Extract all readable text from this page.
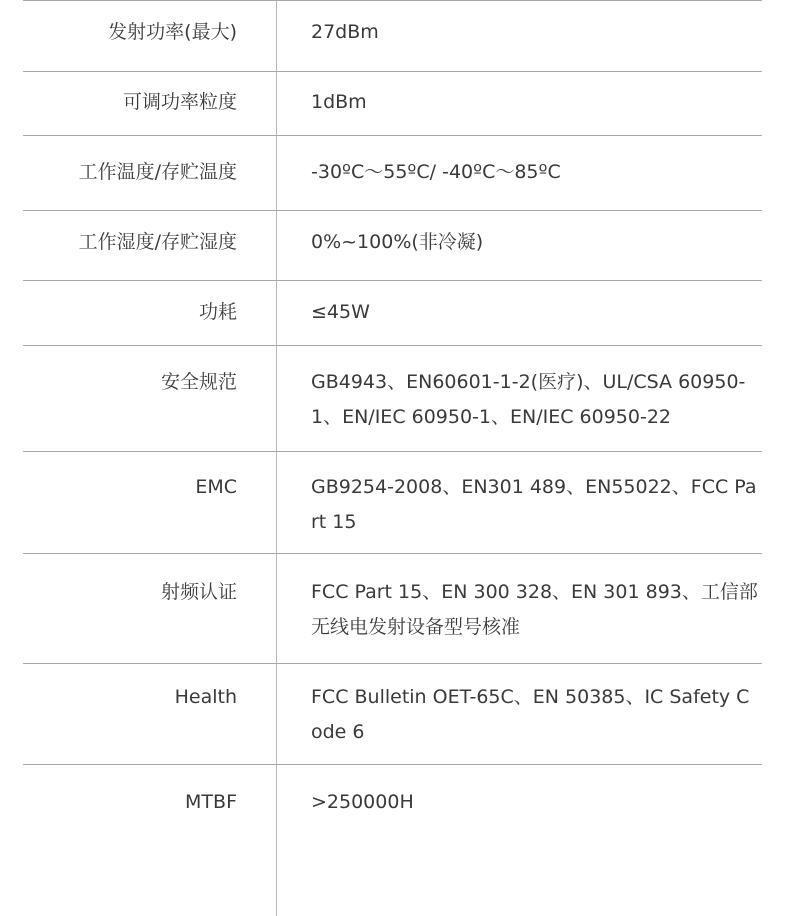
发射功率(最大)	27dBm
可调功率粒度	1dBm
工作温度/存贮温度	-30ºC～55ºC/ -40ºC～85ºC
工作湿度/存贮湿度	0%~100%(非冷凝)
功耗	≤45W
安全规范	GB4943、EN60601-1-2(医疗)、UL/CSA 60950-1、EN/IEC 60950-1、EN/IEC 60950-22
EMC	GB9254-2008、EN301 489、EN55022、FCC Part 15
射频认证	FCC Part 15、EN 300 328、EN 301 893、工信部无线电发射设备型号核准
Health	FCC Bulletin OET-65C、EN 50385、IC Safety Code 6
MTBF	>250000H
